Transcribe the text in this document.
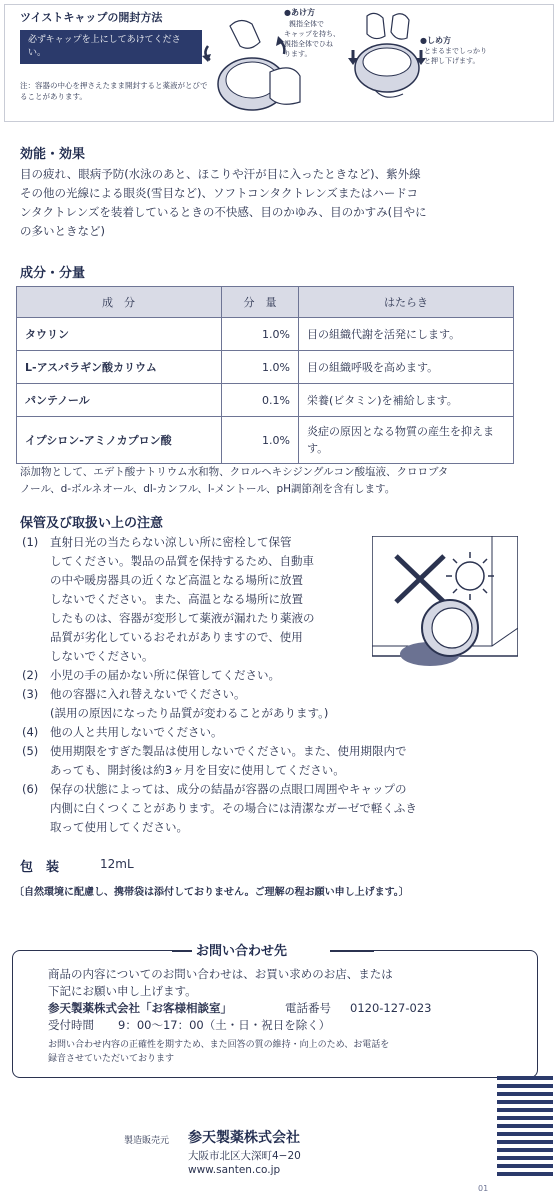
ツイストキャップの開封方法
必ずキャップを上にしてあけてください。
注：容器の中心を押さえたまま開封すると薬液がとびでることがあります。
●あけ方
親指全体で
キャップを持ち、
親指全体でひね
ります。
●しめ方
とまるまでしっかり
と押し下げます。
効能・効果
目の疲れ、眼病予防(水泳のあと、ほこりや汗が目に入ったときなど)、紫外線
その他の光線による眼炎(雪目など)、ソフトコンタクトレンズまたはハードコ
ンタクトレンズを装着しているときの不快感、目のかゆみ、目のかすみ(目やに
の多いときなど)
成分・分量
成　分	分　量	はたらき
タウリン	1.0%	目の組織代謝を活発にします。
L-アスパラギン酸カリウム	1.0%	目の組織呼吸を高めます。
パンテノール	0.1%	栄養(ビタミン)を補給します。
イプシロン-アミノカプロン酸	1.0%	炎症の原因となる物質の産生を抑えます。
添加物として、エデト酸ナトリウム水和物、クロルヘキシジングルコン酸塩液、クロロブタ
ノール、d-ボルネオール、dl-カンフル、l-メントール、pH調節剤を含有します。
保管及び取扱い上の注意
(1) 直射日光の当たらない涼しい所に密栓して保管
してください。製品の品質を保持するため、自動車
の中や暖房器具の近くなど高温となる場所に放置
しないでください。また、高温となる場所に放置
したものは、容器が変形して薬液が漏れたり薬液の
品質が劣化しているおそれがありますので、使用
しないでください。
(2) 小児の手の届かない所に保管してください。
(3) 他の容器に入れ替えないでください。
(誤用の原因になったり品質が変わることがあります。)
(4) 他の人と共用しないでください。
(5) 使用期限をすぎた製品は使用しないでください。また、使用期限内で
あっても、開封後は約3ヶ月を目安に使用してください。
(6) 保存の状態によっては、成分の結晶が容器の点眼口周囲やキャップの
内側に白くつくことがあります。その場合には清潔なガーゼで軽くふき
取って使用してください。
包　装	12mL
〔自然環境に配慮し、携帯袋は添付しておりません。ご理解の程お願い申し上げます。〕
お問い合わせ先
商品の内容についてのお問い合わせは、お買い求めのお店、または
下記にお願い申し上げます。
参天製薬株式会社「お客様相談室」	電話番号 0120-127-023
受付時間 9：00～17：00（土・日・祝日を除く）
お問い合わせ内容の正確性を期すため、また回答の質の維持・向上のため、お電話を
録音させていただいております
製造販売元 参天製薬株式会社
大阪市北区大深町4−20
www.santen.co.jp
01
